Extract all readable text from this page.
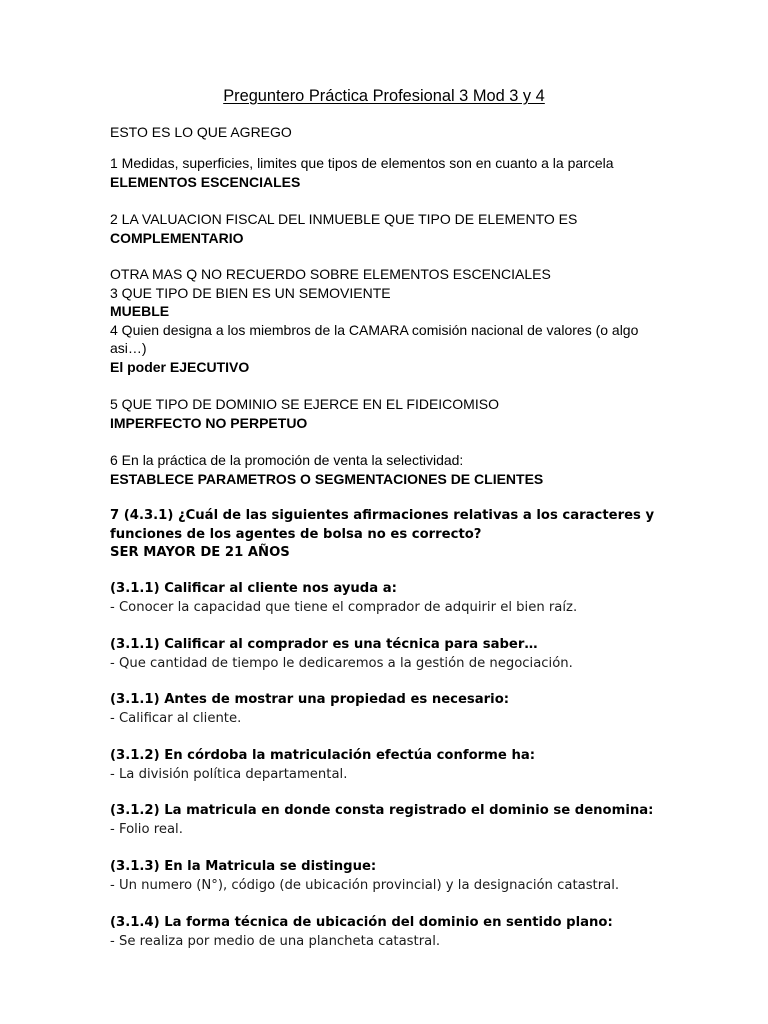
Preguntero Práctica Profesional 3 Mod 3 y 4
ESTO ES LO QUE AGREGO
1 Medidas, superficies, limites que tipos de elementos son en cuanto a la parcela
ELEMENTOS ESCENCIALES
2 LA VALUACION FISCAL DEL INMUEBLE QUE TIPO DE ELEMENTO ES
COMPLEMENTARIO
OTRA MAS Q NO RECUERDO SOBRE ELEMENTOS ESCENCIALES
3 QUE TIPO DE BIEN ES UN SEMOVIENTE
MUEBLE
4 Quien designa a los miembros de la CAMARA comisión nacional de valores (o algo
asi…)
El poder EJECUTIVO
5 QUE TIPO DE DOMINIO SE EJERCE EN EL FIDEICOMISO
IMPERFECTO NO PERPETUO
6 En la práctica de la promoción de venta la selectividad:
ESTABLECE PARAMETROS O SEGMENTACIONES DE CLIENTES
7 (4.3.1) ¿Cuál de las siguientes afirmaciones relativas a los caracteres y
funciones de los agentes de bolsa no es correcto?
SER MAYOR DE 21 AÑOS
(3.1.1) Calificar al cliente nos ayuda a:
- Conocer la capacidad que tiene el comprador de adquirir el bien raíz.
(3.1.1) Calificar al comprador es una técnica para saber…
- Que cantidad de tiempo le dedicaremos a la gestión de negociación.
(3.1.1) Antes de mostrar una propiedad es necesario:
- Calificar al cliente.
(3.1.2) En córdoba la matriculación efectúa conforme ha:
- La división política departamental.
(3.1.2) La matricula en donde consta registrado el dominio se denomina:
- Folio real.
(3.1.3) En la Matricula se distingue:
- Un numero (N°), código (de ubicación provincial) y la designación catastral.
(3.1.4) La forma técnica de ubicación del dominio en sentido plano:
- Se realiza por medio de una plancheta catastral.
